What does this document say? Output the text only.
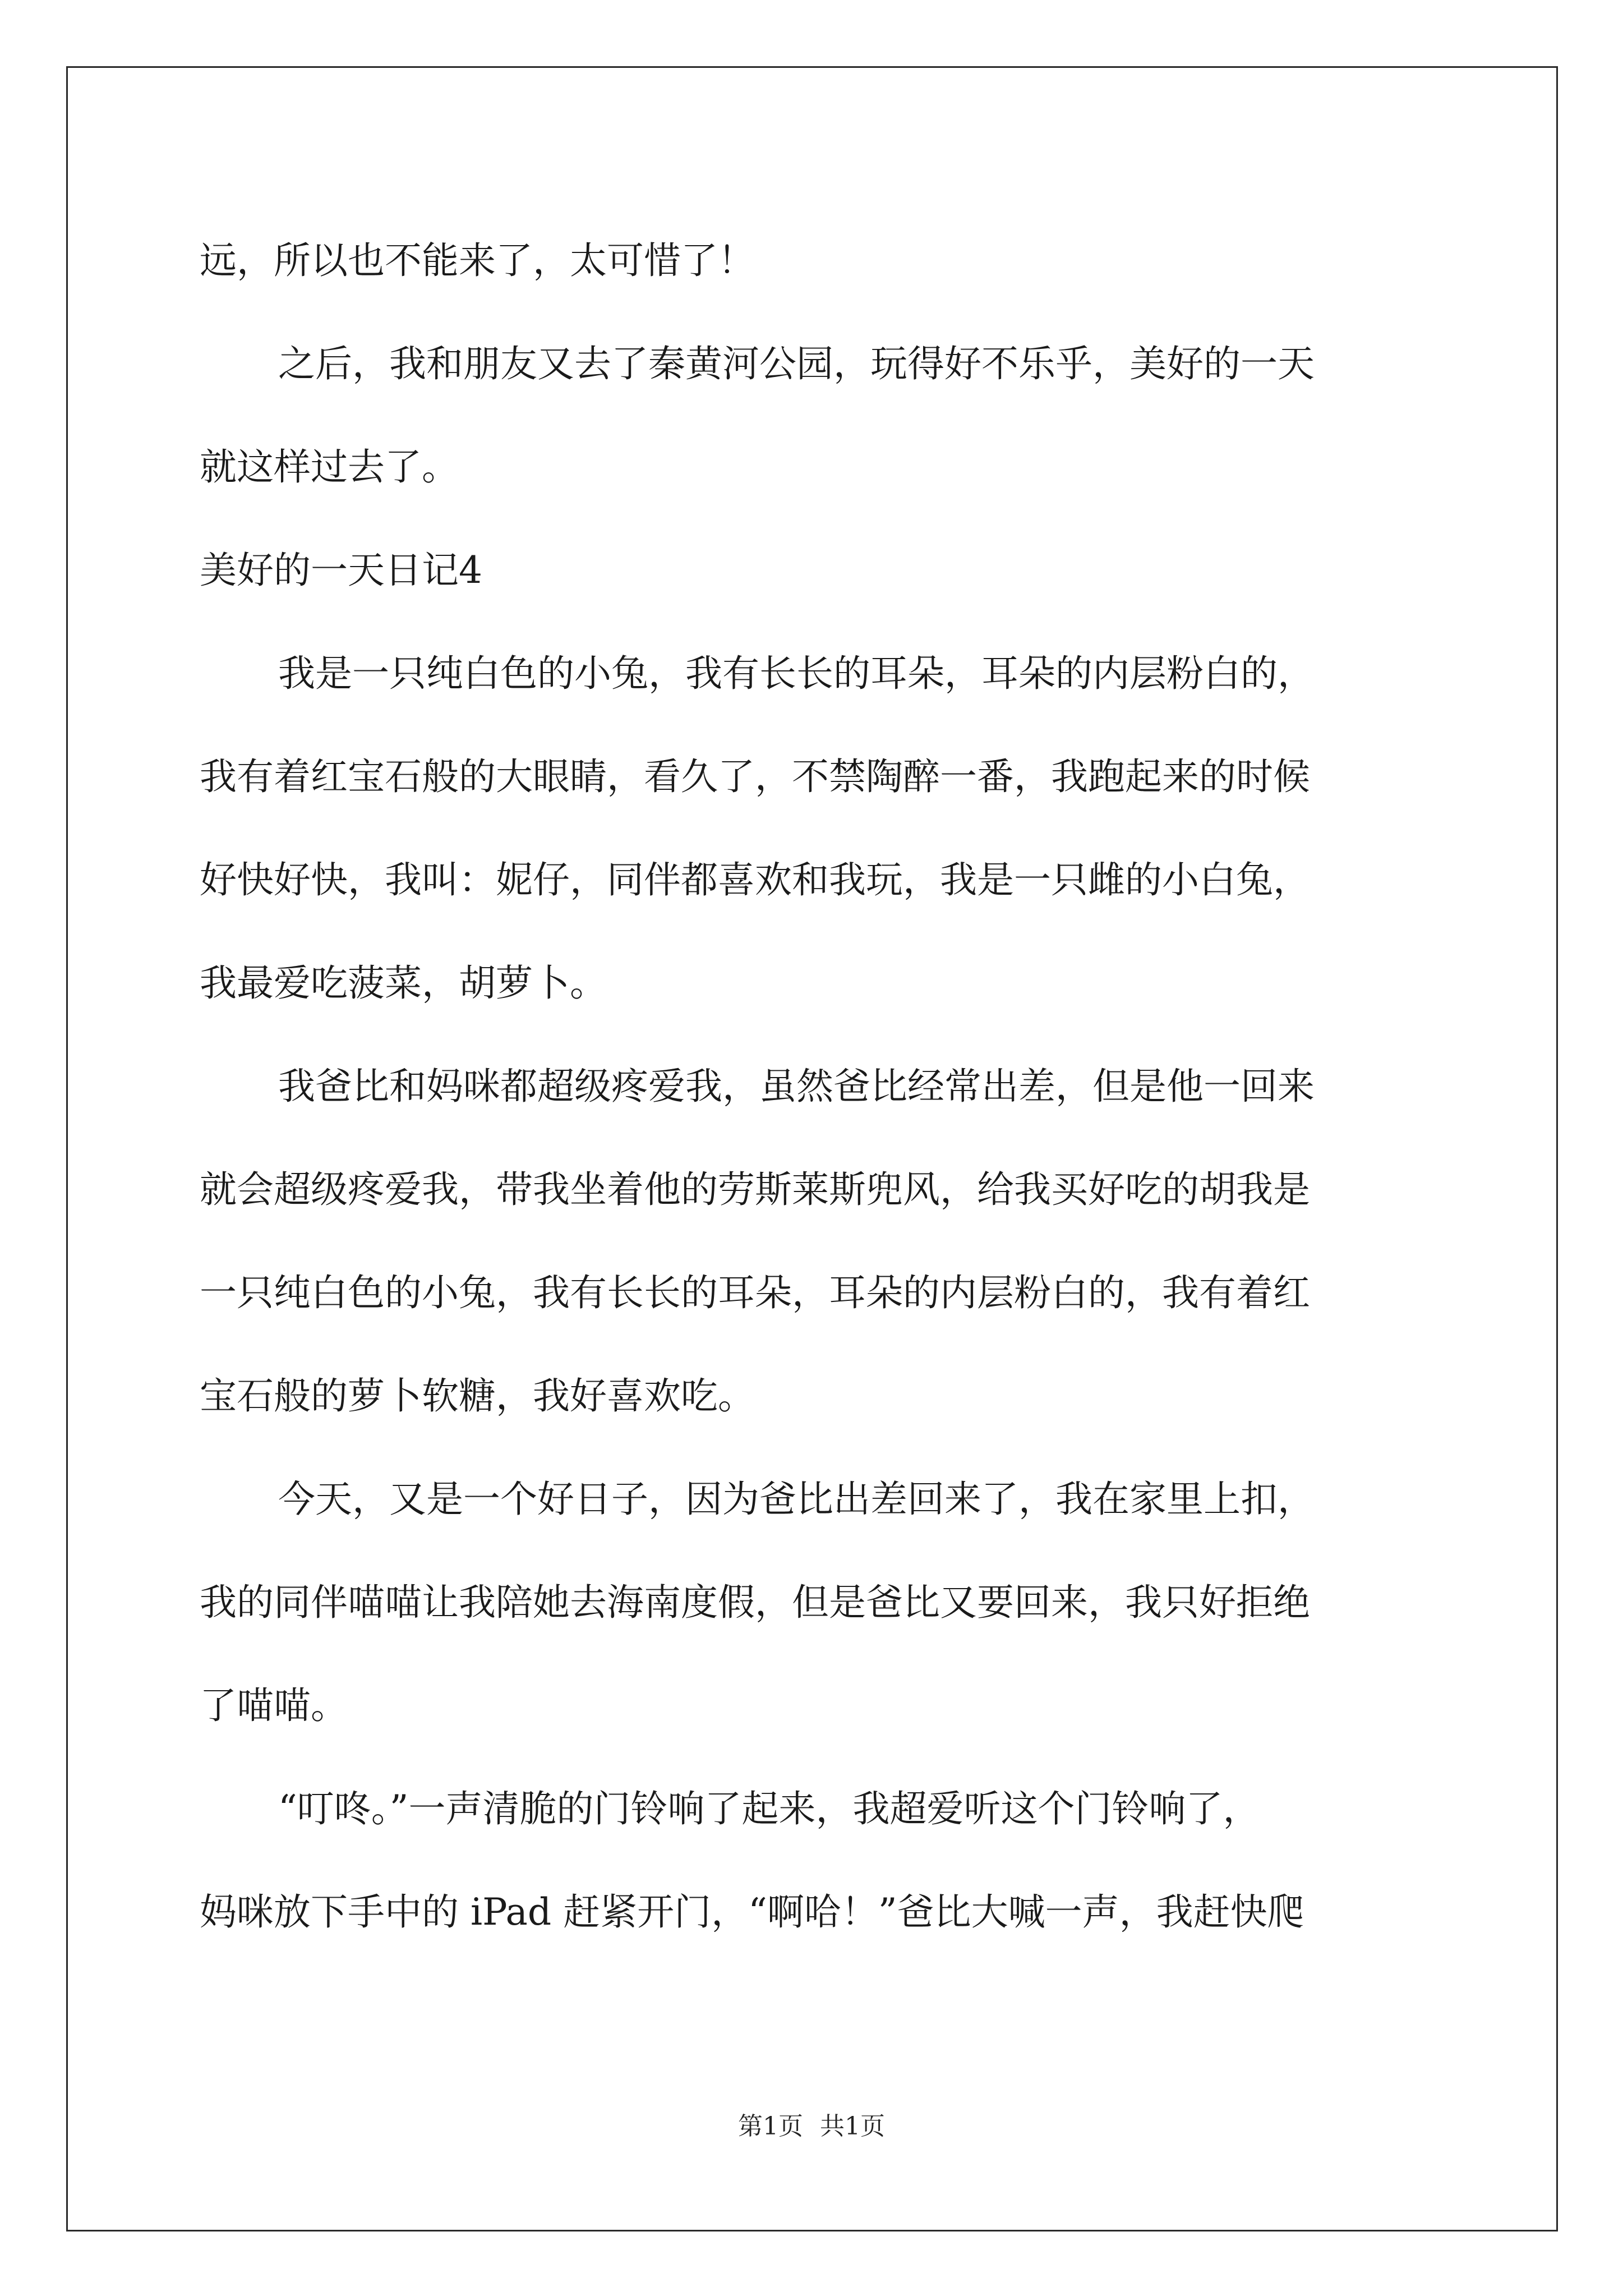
远，所以也不能来了，太可惜了！
之后，我和朋友又去了秦黄河公园，玩得好不乐乎，美好的一天
就这样过去了。
美好的一天日记4
我是一只纯白色的小兔，我有长长的耳朵，耳朵的内层粉白的，
我有着红宝石般的大眼睛，看久了，不禁陶醉一番，我跑起来的时候
好快好快，我叫：妮仔，同伴都喜欢和我玩，我是一只雌的小白兔，
我最爱吃菠菜，胡萝卜。
我爸比和妈咪都超级疼爱我，虽然爸比经常出差，但是他一回来
就会超级疼爱我，带我坐着他的劳斯莱斯兜风，给我买好吃的胡我是
一只纯白色的小兔，我有长长的耳朵，耳朵的内层粉白的，我有着红
宝石般的萝卜软糖，我好喜欢吃。
今天，又是一个好日子，因为爸比出差回来了，我在家里上扣，
我的同伴喵喵让我陪她去海南度假，但是爸比又要回来，我只好拒绝
了喵喵。
“叮咚。”一声清脆的门铃响了起来，我超爱听这个门铃响了，
妈咪放下手中的 iPad 赶紧开门，“啊哈！”爸比大喊一声，我赶快爬
第1页 共1页
